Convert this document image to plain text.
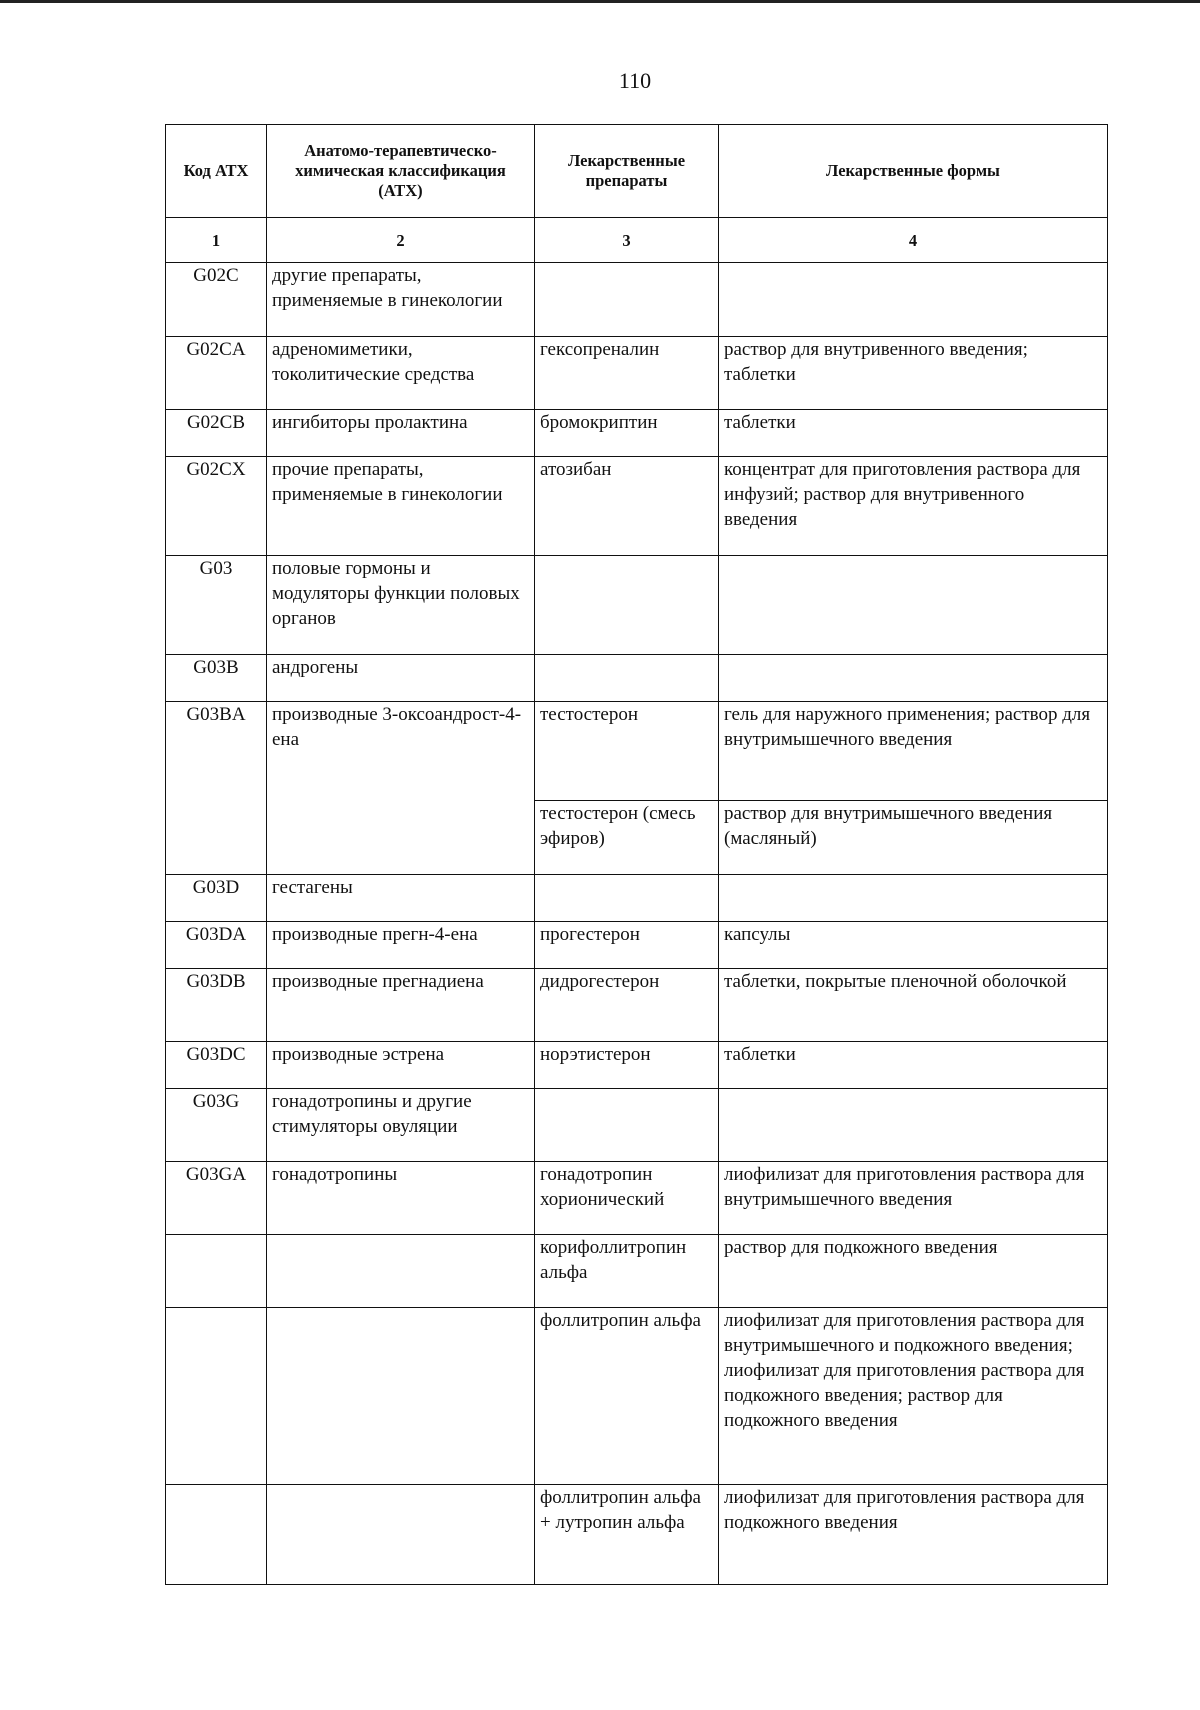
110
Код АТХ	Анатомо-терапевтическо-химическая классификация (АТХ)	Лекарственные препараты	Лекарственные формы
1	2	3	4
G02C	другие препараты, применяемые в гинекологии		
G02CA	адреномиметики, токолитические средства	гексопреналин	раствор для внутривенного введения; таблетки
G02CB	ингибиторы пролактина	бромокриптин	таблетки
G02CX	прочие препараты, применяемые в гинекологии	атозибан	концентрат для приготовления раствора для инфузий; раствор для внутривенного введения
G03	половые гормоны и модуляторы функции половых органов		
G03B	андрогены		
G03BA	производные 3-оксоандрост-4-ена	тестостерон	гель для наружного применения; раствор для внутримышечного введения
		тестостерон (смесь эфиров)	раствор для внутримышечного введения (масляный)
G03D	гестагены		
G03DA	производные прегн-4-ена	прогестерон	капсулы
G03DB	производные прегнадиена	дидрогестерон	таблетки, покрытые пленочной оболочкой
G03DC	производные эстрена	норэтистерон	таблетки
G03G	гонадотропины и другие стимуляторы овуляции		
G03GA	гонадотропины	гонадотропин хорионический	лиофилизат для приготовления раствора для внутримышечного введения
		корифоллитропин альфа	раствор для подкожного введения
		фоллитропин альфа	лиофилизат для приготовления раствора для внутримышечного и подкожного введения; лиофилизат для приготовления раствора для подкожного введения; раствор для подкожного введения
		фоллитропин альфа + лутропин альфа	лиофилизат для приготовления раствора для подкожного введения
